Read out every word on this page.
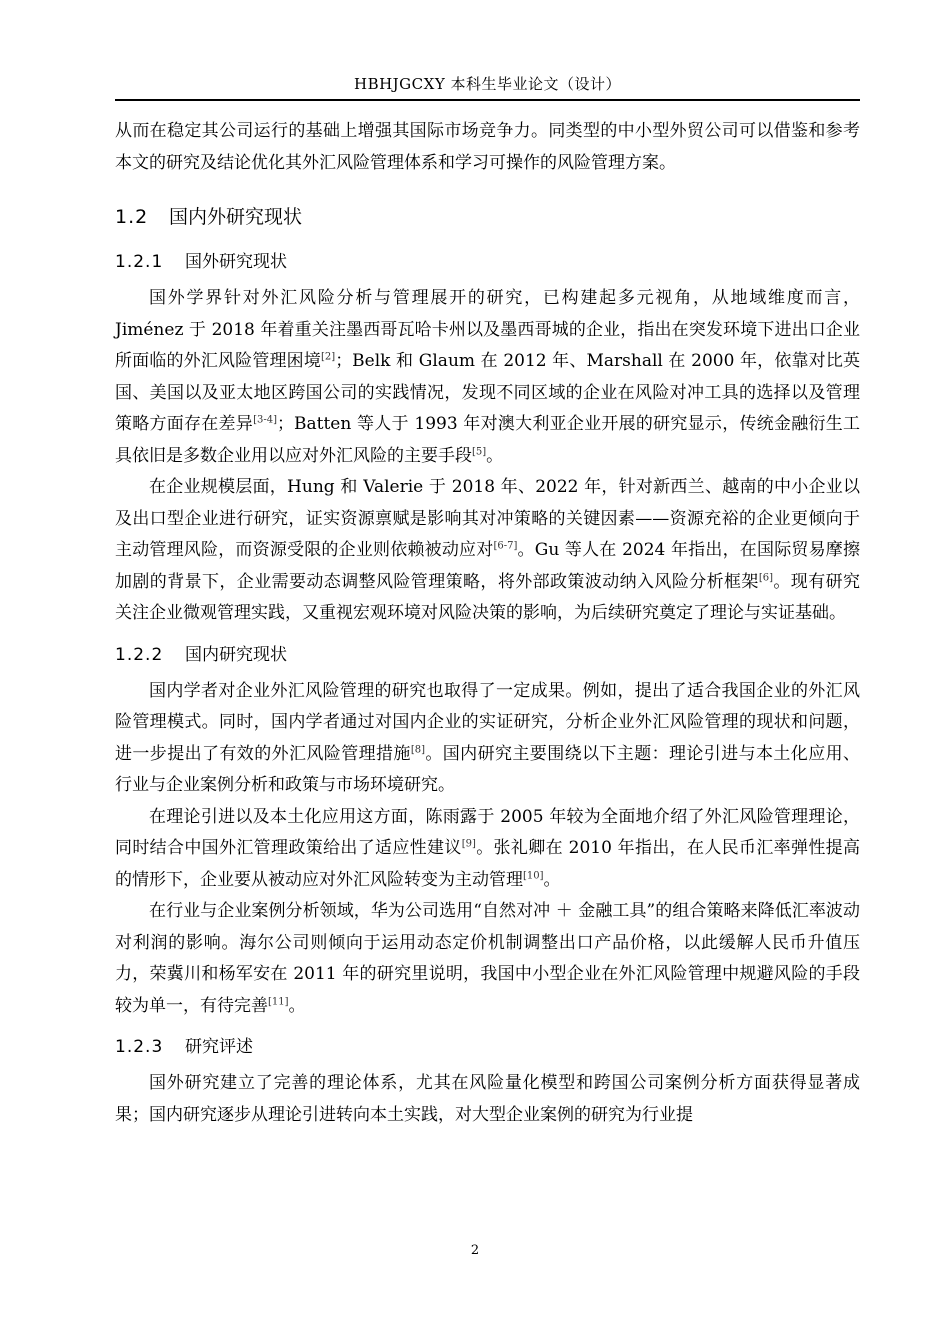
HBHJGCXY 本科生毕业论文（设计）

从而在稳定其公司运行的基础上增强其国际市场竞争力。同类型的中小型外贸公司可以借鉴和参考本文的研究及结论优化其外汇风险管理体系和学习可操作的风险管理方案。

1.2 国内外研究现状
1.2.1 国外研究现状

国外学界针对外汇风险分析与管理展开的研究，已构建起多元视角，从地域维度而言，Jiménez 于 2018 年着重关注墨西哥瓦哈卡州以及墨西哥城的企业，指出在突发环境下进出口企业所面临的外汇风险管理困境[2]；Belk 和 Glaum 在 2012 年、Marshall 在 2000 年，依靠对比英国、美国以及亚太地区跨国公司的实践情况，发现不同区域的企业在风险对冲工具的选择以及管理策略方面存在差异[3-4]；Batten 等人于 1993 年对澳大利亚企业开展的研究显示，传统金融衍生工具依旧是多数企业用以应对外汇风险的主要手段[5]。

在企业规模层面，Hung 和 Valerie 于 2018 年、2022 年，针对新西兰、越南的中小企业以及出口型企业进行研究，证实资源禀赋是影响其对冲策略的关键因素——资源充裕的企业更倾向于主动管理风险，而资源受限的企业则依赖被动应对[6-7]。Gu 等人在 2024 年指出，在国际贸易摩擦加剧的背景下，企业需要动态调整风险管理策略，将外部政策波动纳入风险分析框架[6]。现有研究关注企业微观管理实践，又重视宏观环境对风险决策的影响，为后续研究奠定了理论与实证基础。

1.2.2 国内研究现状

国内学者对企业外汇风险管理的研究也取得了一定成果。例如，提出了适合我国企业的外汇风险管理模式。同时，国内学者通过对国内企业的实证研究，分析企业外汇风险管理的现状和问题，进一步提出了有效的外汇风险管理措施[8]。国内研究主要围绕以下主题：理论引进与本土化应用、行业与企业案例分析和政策与市场环境研究。

在理论引进以及本土化应用这方面，陈雨露于 2005 年较为全面地介绍了外汇风险管理理论，同时结合中国外汇管理政策给出了适应性建议[9]。张礼卿在 2010 年指出，在人民币汇率弹性提高的情形下，企业要从被动应对外汇风险转变为主动管理[10]。

在行业与企业案例分析领域，华为公司选用“自然对冲 ＋ 金融工具”的组合策略来降低汇率波动对利润的影响。海尔公司则倾向于运用动态定价机制调整出口产品价格，以此缓解人民币升值压力，荣冀川和杨军安在 2011 年的研究里说明，我国中小型企业在外汇风险管理中规避风险的手段较为单一，有待完善[11]。

1.2.3 研究评述

国外研究建立了完善的理论体系，尤其在风险量化模型和跨国公司案例分析方面获得显著成果；国内研究逐步从理论引进转向本土实践，对大型企业案例的研究为行业提

2
